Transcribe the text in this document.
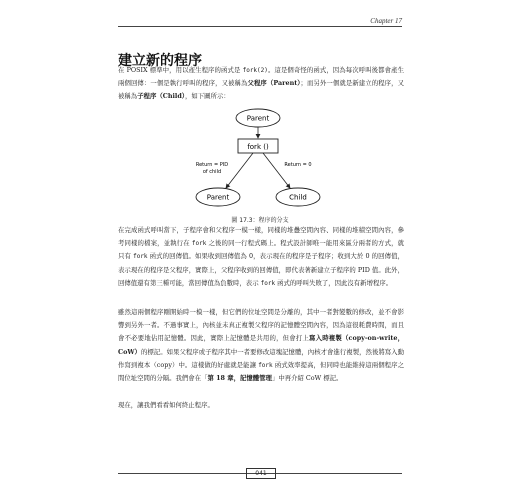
Chapter 17
建立新的程序

在 POSIX 標準中，用以產生程序的函式是 fork(2)。這是個奇怪的函式，因為每次呼叫後都會產生兩個回傳：一個是執行呼叫的程序，又被稱為父程序（Parent）；而另外一個就是新建立的程序，又被稱為子程序（Child），如下圖所示：

Parent
fork ()
Return = PID
of child
Return = 0
Parent	Child
圖 17.3：程序的分支

在完成函式呼叫當下，子程序會和父程序一模一樣，同樣的堆疊空間內容、同樣的堆積空間內容，參考同樣的檔案，並執行在 fork 之後的同一行程式碼上。程式設計師唯一能用來區分兩者的方式，就只有 fork 函式的回傳值。如果收到回傳值為 0，表示現在的程序是子程序；收到大於 0 的回傳值，表示現在的程序是父程序，實際上，父程序收到的回傳值，即代表著新建立子程序的 PID 值。此外，回傳值還有第三種可能，當回傳值為負數時，表示 fork 函式的呼叫失敗了，因此沒有新增程序。

雖然這兩個程序剛開始時一模一樣，但它們的位址空間是分離的，其中一者對變數的修改，並不會影響到另外一者。不過事實上，內核並未真正複製父程序的記憶體空間內容，因為這很耗費時間，而且會不必要地佔用記憶體。因此，實際上記憶體是共用的，但會打上寫入時複製（copy-on-write，CoW）的標記。如果父程序或子程序其中一者要修改這塊記憶體，內核才會進行複製，然後將寫入動作寫到複本（copy）中。這樣做的好處就是能讓 fork 函式效率提高，但同時也能維持這兩個程序之間位址空間的分隔。我們會在「第 18 章，記憶體管理」中再介紹 CoW 標記。

現在，讓我們看看如何終止程序。

041
